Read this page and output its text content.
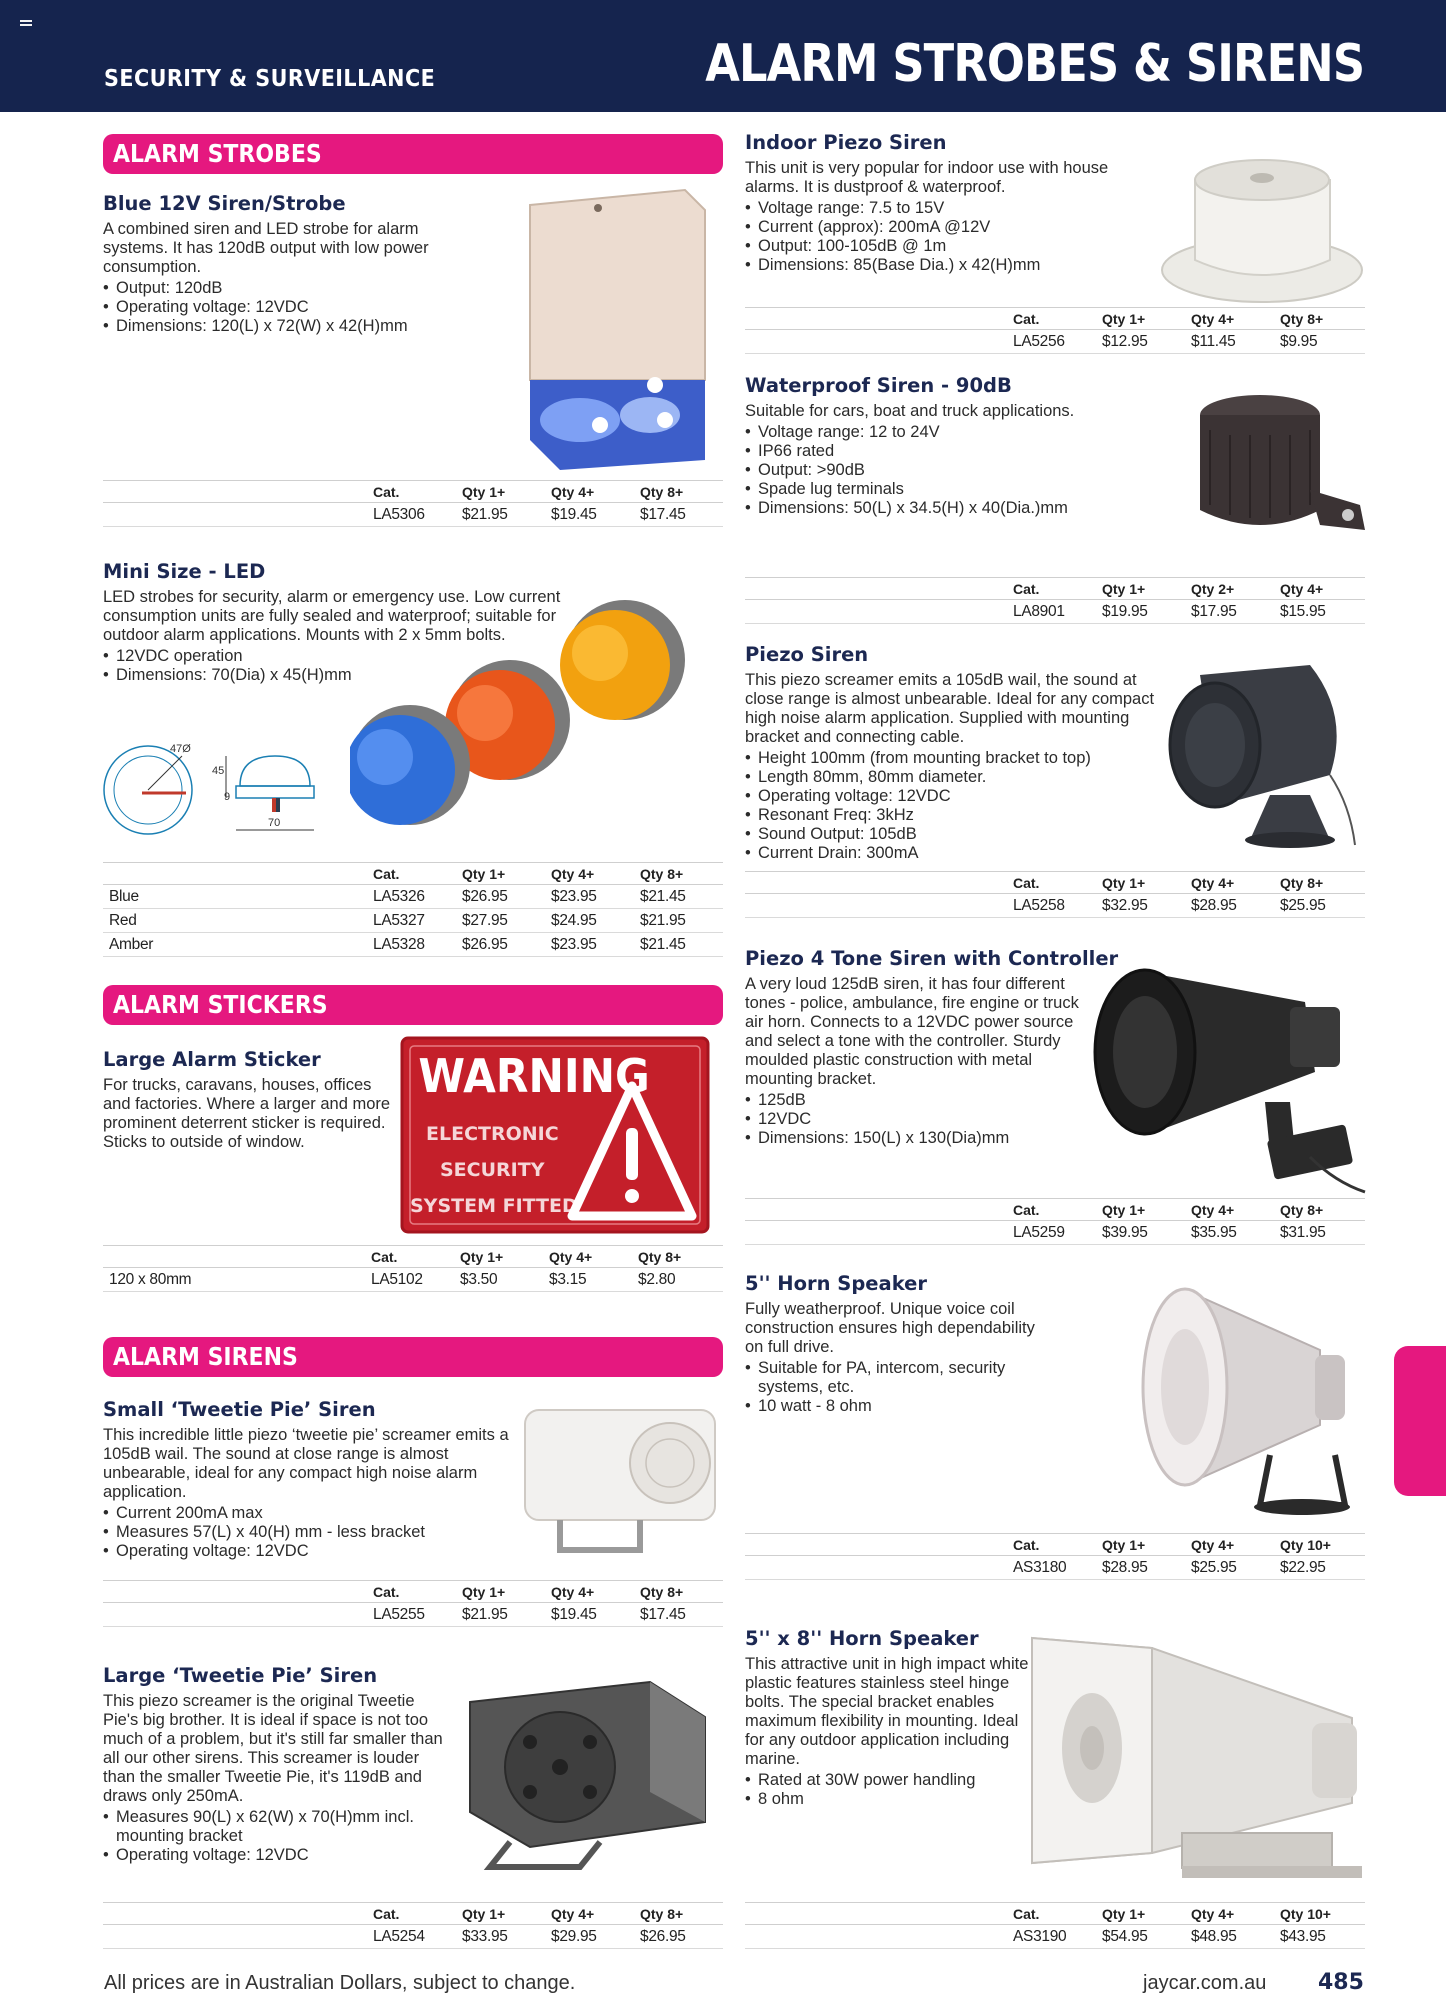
SECURITY & SURVEILLANCE	ALARM STROBES & SIRENS
ALARM STROBES
ALARM STICKERS
ALARM SIRENS
Blue 12V Siren/Strobe

A combined siren and LED strobe for alarm systems. It has 120dB output with low power consumption.

• Output: 120dB
• Operating voltage: 12VDC
• Dimensions: 120(L) x 72(W) x 42(H)mm
	Cat.	Qty 1+	Qty 4+	Qty 8+
	LA5306	$21.95	$19.45	$17.45
Mini Size - LED

LED strobes for security, alarm or emergency use. Low current consumption units are fully sealed and waterproof; suitable for outdoor alarm applications. Mounts with 2 x 5mm bolts.

• 12VDC operation
• Dimensions: 70(Dia) x 45(H)mm
47Ø
45
9
70
	Cat.	Qty 1+	Qty 4+	Qty 8+
Blue	LA5326	$26.95	$23.95	$21.45
Red	LA5327	$27.95	$24.95	$21.95
Amber	LA5328	$26.95	$23.95	$21.45
Large Alarm Sticker

For trucks, caravans, houses, offices and factories. Where a larger and more prominent deterrent sticker is required. Sticks to outside of window.

WARNING
ELECTRONIC
SECURITY
SYSTEM FITTED
	Cat.	Qty 1+	Qty 4+	Qty 8+
120 x 80mm	LA5102	$3.50	$3.15	$2.80
Small ‘Tweetie Pie’ Siren

This incredible little piezo ‘tweetie pie’ screamer emits a 105dB wail. The sound at close range is almost unbearable, ideal for any compact high noise alarm application.

• Current 200mA max
• Measures 57(L) x 40(H) mm - less bracket
• Operating voltage: 12VDC
	Cat.	Qty 1+	Qty 4+	Qty 8+
	LA5255	$21.95	$19.45	$17.45
Large ‘Tweetie Pie’ Siren

This piezo screamer is the original Tweetie Pie's big brother. It is ideal if space is not too much of a problem, but it's still far smaller than all our other sirens. This screamer is louder than the smaller Tweetie Pie, it's 119dB and draws only 250mA.

• Measures 90(L) x 62(W) x 70(H)mm incl. mounting bracket
• Operating voltage: 12VDC
	Cat.	Qty 1+	Qty 4+	Qty 8+
	LA5254	$33.95	$29.95	$26.95
Indoor Piezo Siren

This unit is very popular for indoor use with house alarms. It is dustproof & waterproof.

• Voltage range: 7.5 to 15V
• Current (approx): 200mA @12V
• Output: 100-105dB @ 1m
• Dimensions: 85(Base Dia.) x 42(H)mm
	Cat.	Qty 1+	Qty 4+	Qty 8+
	LA5256	$12.95	$11.45	$9.95
Waterproof Siren - 90dB

Suitable for cars, boat and truck applications.

• Voltage range: 12 to 24V
• IP66 rated
• Output: >90dB
• Spade lug terminals
• Dimensions: 50(L) x 34.5(H) x 40(Dia.)mm
	Cat.	Qty 1+	Qty 2+	Qty 4+
	LA8901	$19.95	$17.95	$15.95
Piezo Siren

This piezo screamer emits a 105dB wail, the sound at close range is almost unbearable. Ideal for any compact high noise alarm application. Supplied with mounting bracket and connecting cable.

• Height 100mm (from mounting bracket to top)
• Length 80mm, 80mm diameter.
• Operating voltage: 12VDC
• Resonant Freq: 3kHz
• Sound Output: 105dB
• Current Drain: 300mA
	Cat.	Qty 1+	Qty 4+	Qty 8+
	LA5258	$32.95	$28.95	$25.95
Piezo 4 Tone Siren with Controller

A very loud 125dB siren, it has four different tones - police, ambulance, fire engine or truck air horn. Connects to a 12VDC power source and select a tone with the controller. Sturdy moulded plastic construction with metal mounting bracket.

• 125dB
• 12VDC
• Dimensions: 150(L) x 130(Dia)mm
	Cat.	Qty 1+	Qty 4+	Qty 8+
	LA5259	$39.95	$35.95	$31.95
5'' Horn Speaker

Fully weatherproof. Unique voice coil construction ensures high dependability on full drive.

• Suitable for PA, intercom, security systems, etc.
• 10 watt - 8 ohm
	Cat.	Qty 1+	Qty 4+	Qty 10+
	AS3180	$28.95	$25.95	$22.95
5'' x 8'' Horn Speaker

This attractive unit in high impact white plastic features stainless steel hinge bolts. The special bracket enables maximum flexibility in mounting. Ideal for any outdoor application including marine.

• Rated at 30W power handling
• 8 ohm
	Cat.	Qty 1+	Qty 4+	Qty 10+
	AS3190	$54.95	$48.95	$43.95
All prices are in Australian Dollars, subject to change.	jaycar.com.au 485
